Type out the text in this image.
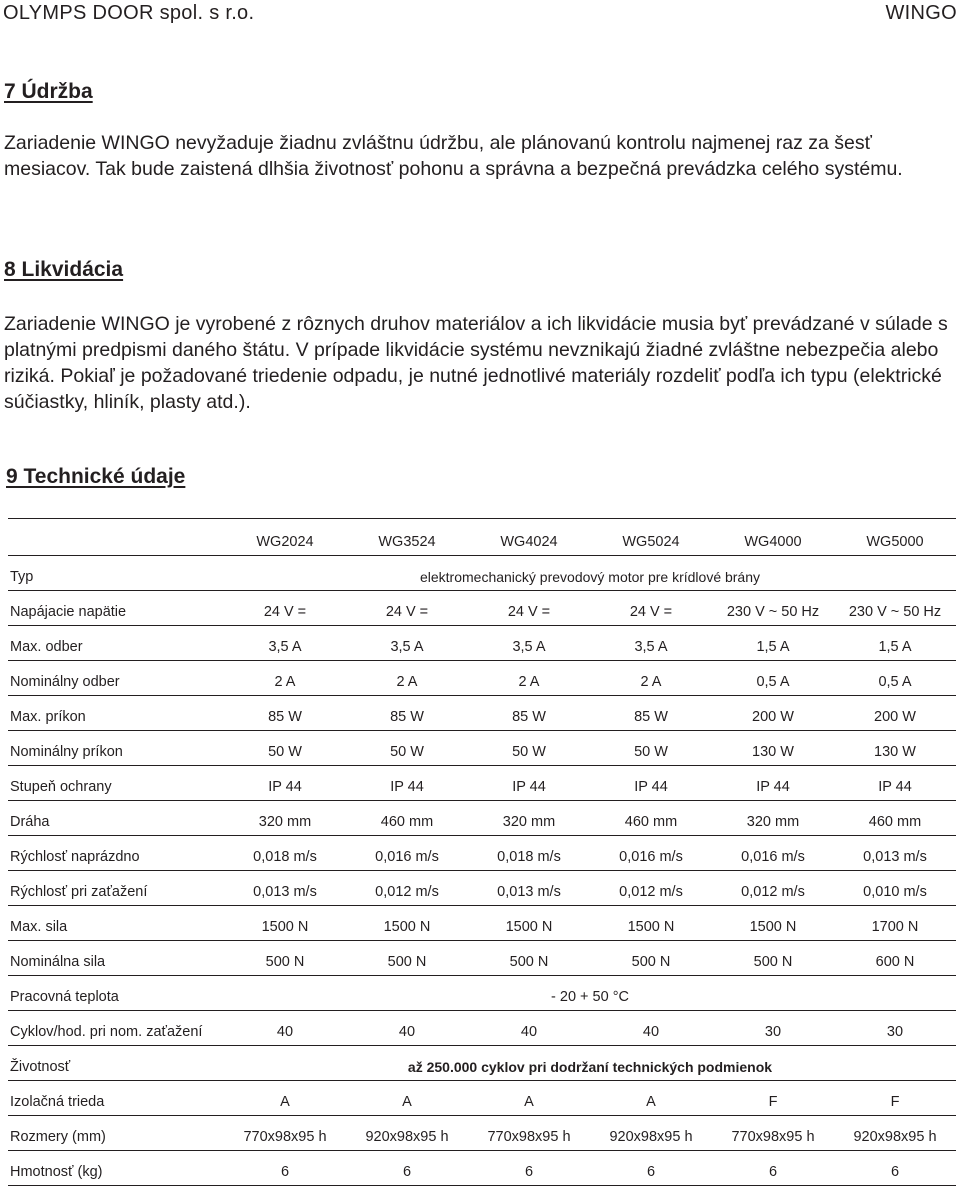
OLYMPS DOOR spol. s r.o.	WINGO
7 Údržba
Zariadenie WINGO nevyžaduje žiadnu zvláštnu údržbu, ale plánovanú kontrolu najmenej raz za šesť mesiacov. Tak bude zaistená dlhšia životnosť pohonu a správna a bezpečná prevádzka celého systému.
8 Likvidácia
Zariadenie WINGO je vyrobené z rôznych druhov materiálov a ich likvidácie musia byť prevádzané v súlade s platnými predpismi daného štátu. V prípade likvidácie systému nevznikajú žiadné zvláštne nebezpečia alebo riziká. Pokiaľ je požadované triedenie odpadu, je nutné jednotlivé materiály rozdeliť podľa ich typu (elektrické súčiastky, hliník, plasty atd.).
9 Technické údaje
	WG2024	WG3524	WG4024	WG5024	WG4000	WG5000
Typ	elektromechanický prevodový motor pre krídlové brány					
Napájacie napätie	24 V =	24 V =	24 V =	24 V =	230 V ~ 50 Hz	230 V ~ 50 Hz
Max. odber	3,5 A	3,5 A	3,5 A	3,5 A	1,5 A	1,5 A
Nominálny odber	2 A	2 A	2 A	2 A	0,5 A	0,5 A
Max. príkon	85 W	85 W	85 W	85 W	200 W	200 W
Nominálny príkon	50 W	50 W	50 W	50 W	130 W	130 W
Stupeň ochrany	IP 44	IP 44	IP 44	IP 44	IP 44	IP 44
Dráha	320 mm	460 mm	320 mm	460 mm	320 mm	460 mm
Rýchlosť naprázdno	0,018 m/s	0,016 m/s	0,018 m/s	0,016 m/s	0,016 m/s	0,013 m/s
Rýchlosť pri zaťažení	0,013 m/s	0,012 m/s	0,013 m/s	0,012 m/s	0,012 m/s	0,010 m/s
Max. sila	1500 N	1500 N	1500 N	1500 N	1500 N	1700 N
Nominálna sila	500 N	500 N	500 N	500 N	500 N	600 N
Pracovná teplota	- 20 + 50 °C					
Cyklov/hod. pri nom. zaťažení	40	40	40	40	30	30
Životnosť	až 250.000 cyklov pri dodržaní technických podmienok					
Izolačná trieda	A	A	A	A	F	F
Rozmery (mm)	770x98x95 h	920x98x95 h	770x98x95 h	920x98x95 h	770x98x95 h	920x98x95 h
Hmotnosť (kg)	6	6	6	6	6	6
